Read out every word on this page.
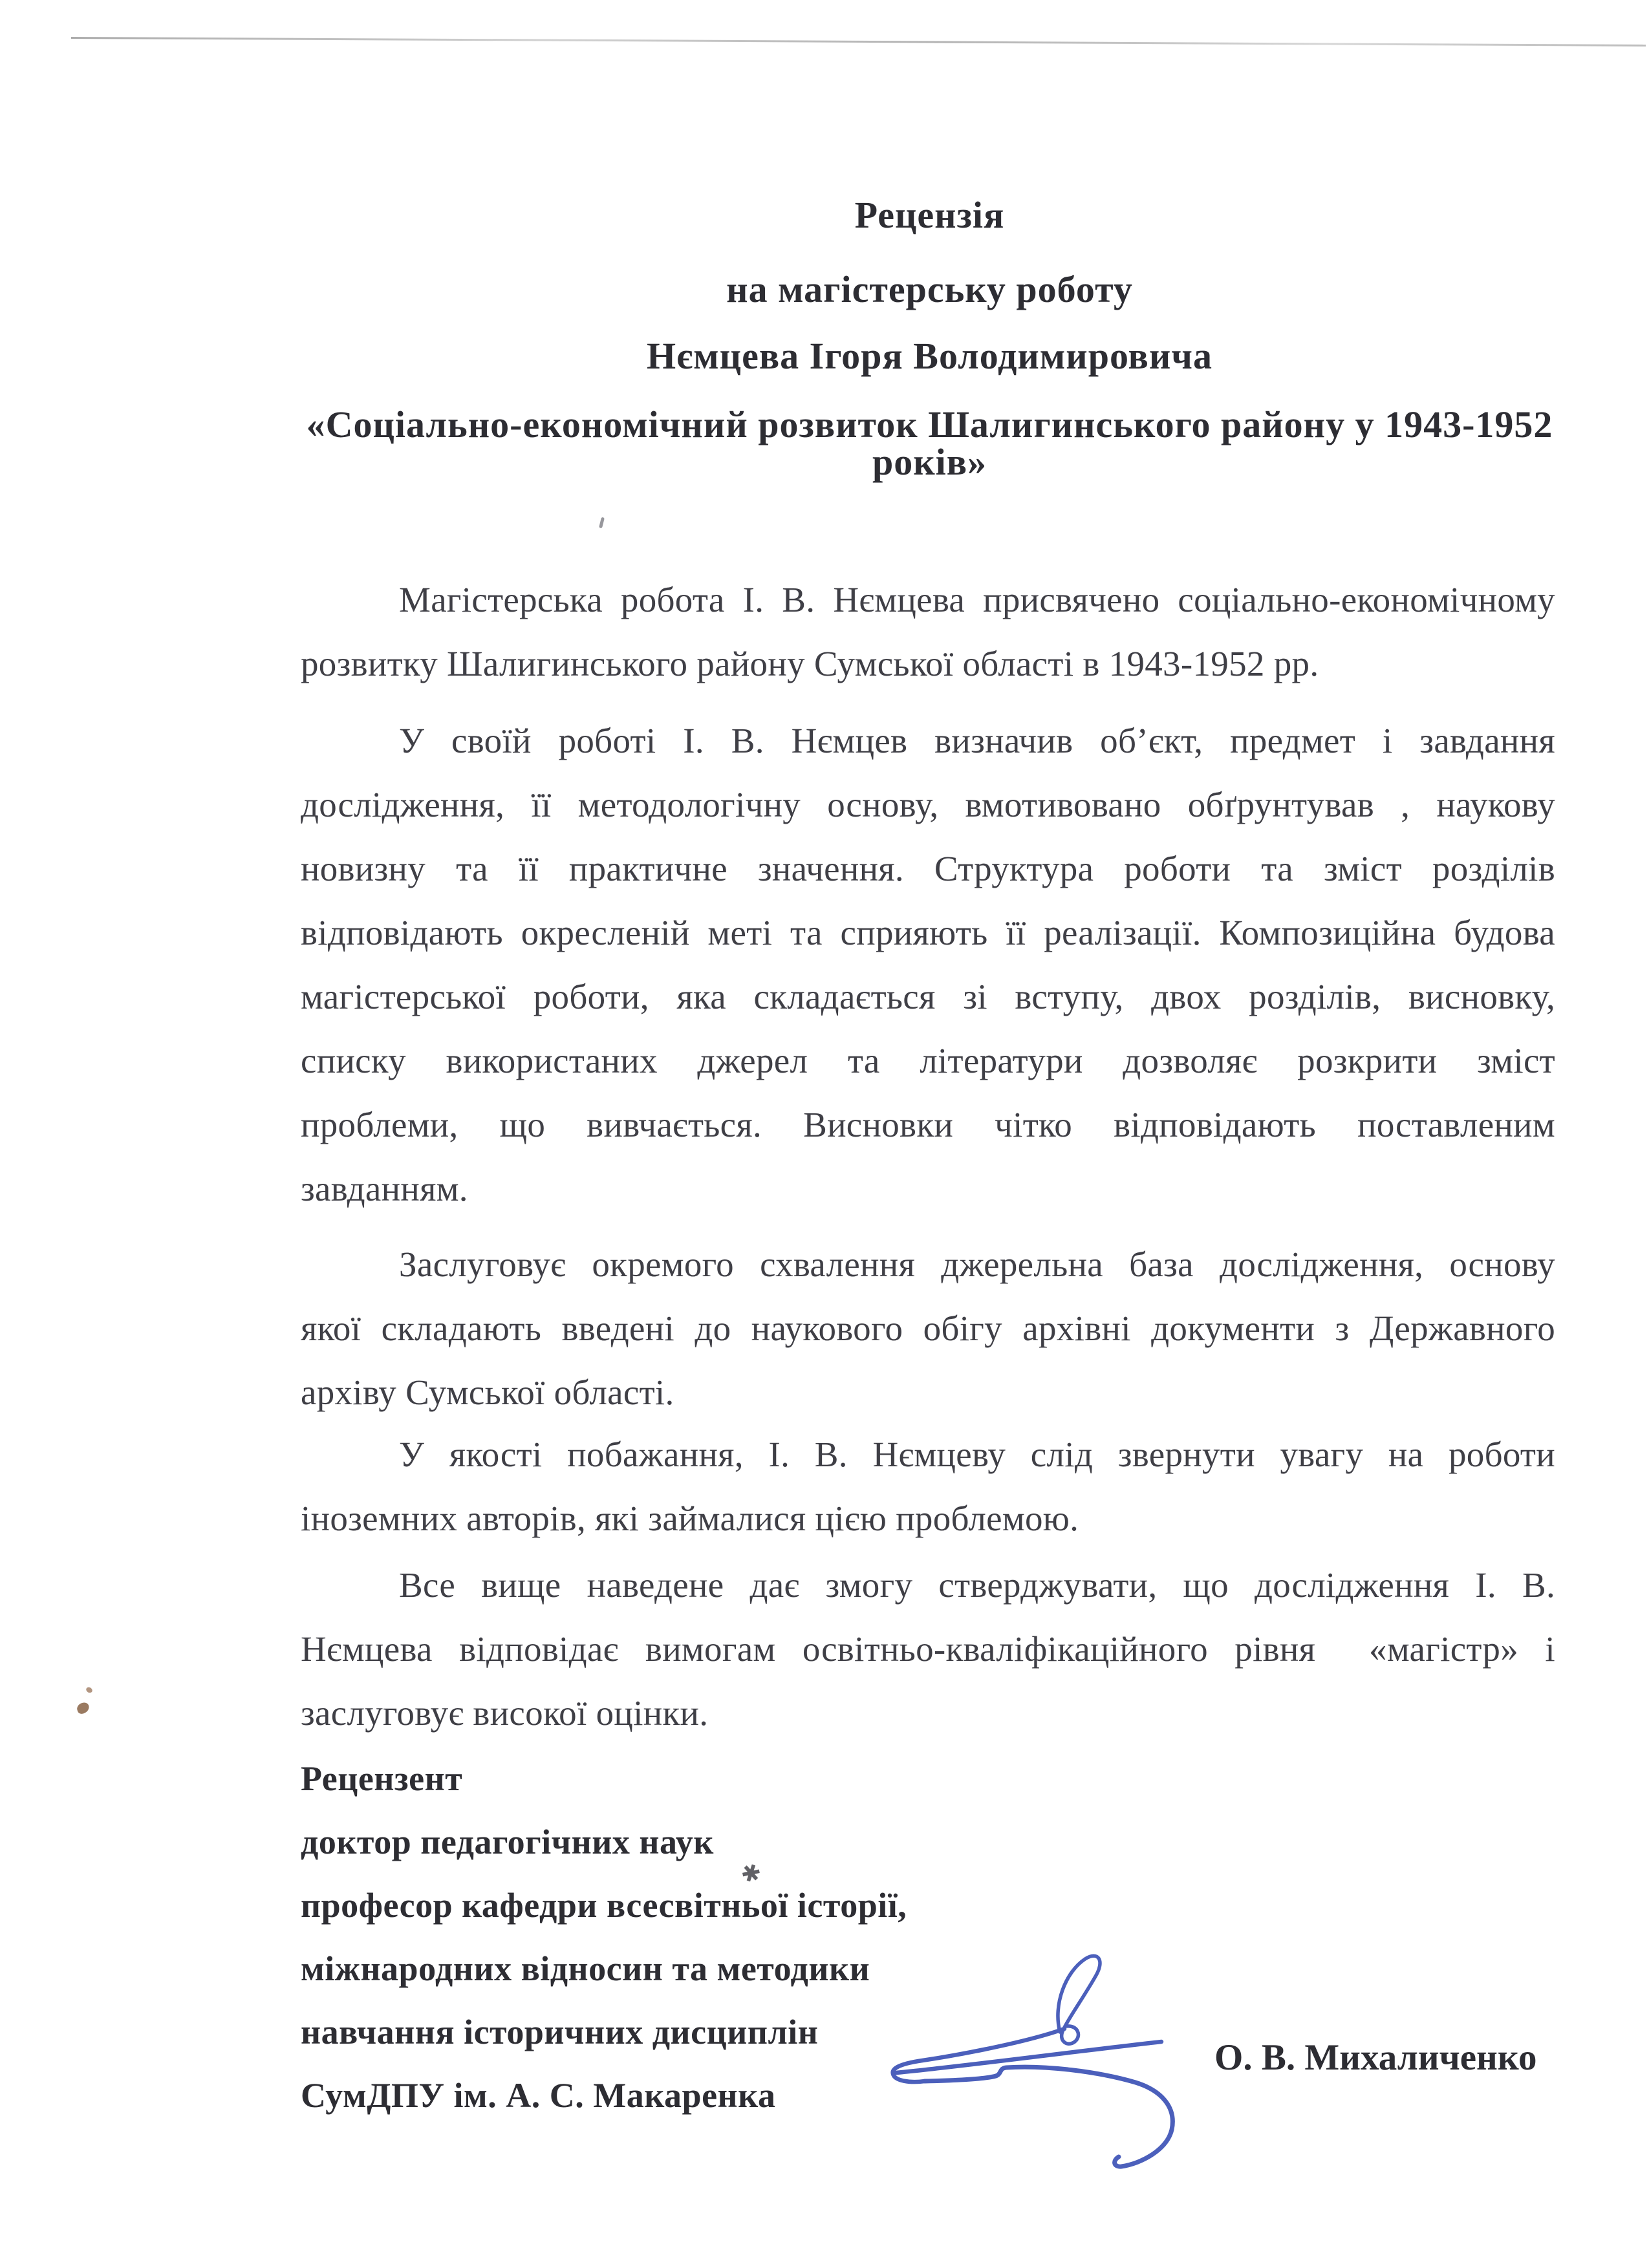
✱
Рецензія
на магістерську роботу
Нємцева Ігоря Володимировича
«Соціально-економічний розвиток Шалигинського району у 1943-1952
років»
Магістерська робота І. В. Нємцева присвячено соціально-економічному
розвитку Шалигинського району Сумської області в 1943-1952 рр.
У своїй роботі І. В. Нємцев визначив об’єкт, предмет і завдання
дослідження, її методологічну основу, вмотивовано обґрунтував , наукову
новизну та її практичне значення. Структура роботи та зміст розділів
відповідають окресленій меті та сприяють її реалізації. Композиційна будова
магістерської роботи, яка складається зі вступу, двох розділів, висновку,
списку використаних джерел та літератури дозволяє розкрити зміст
проблеми, що вивчається. Висновки чітко відповідають поставленим
завданням.
Заслуговує окремого схвалення джерельна база дослідження, основу
якої складають введені до наукового обігу архівні документи з Державного
архіву Сумської області.
У якості побажання, І. В. Нємцеву слід звернути увагу на роботи
іноземних авторів, які займалися цією проблемою.
Все вище наведене дає змогу стверджувати, що дослідження І. В.
Нємцева відповідає вимогам освітньо-кваліфікаційного рівня  «магістр» і
заслуговує високої оцінки.
Рецензент
доктор педагогічних наук
професор кафедри всесвітньої історії,
міжнародних відносин та методики
навчання історичних дисциплін
СумДПУ ім. А. С. Макаренка
О. В. Михаличенко
